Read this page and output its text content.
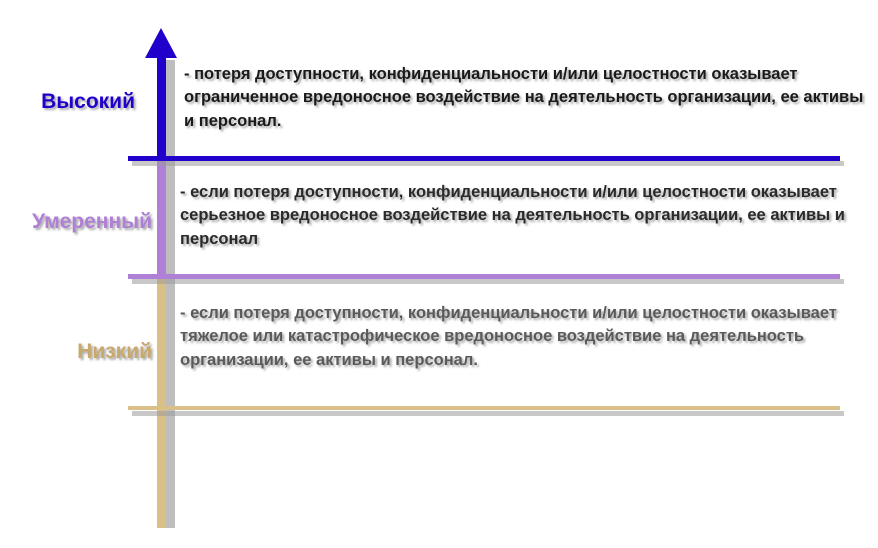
Высокий
- потеря доступности, конфиденциальности и/или целостности оказывает ограниченное вредоносное воздействие на деятельность организации, ее активы и персонал.
Умеренный
- если потеря доступности, конфиденциальности и/или целостности оказывает серьезное вредоносное воздействие на деятельность организации, ее активы и персонал
Низкий
- если потеря доступности, конфиденциальности и/или целостности оказывает тяжелое или катастрофическое вредоносное воздействие на деятельность организации, ее активы и персонал.
